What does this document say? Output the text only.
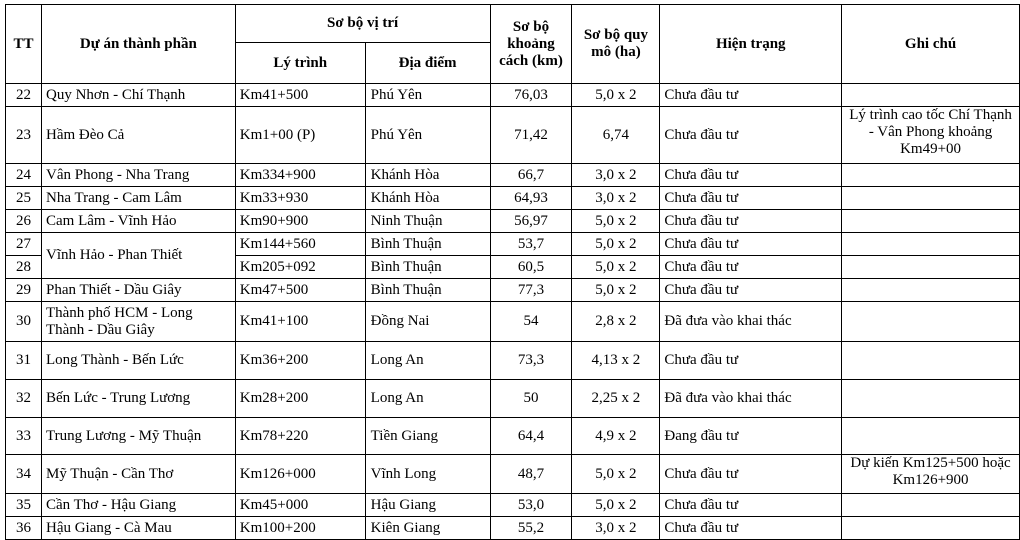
TT	Dự án thành phần	Sơ bộ vị trí		Sơ bộ khoảng cách (km)	Sơ bộ quy mô (ha)	Hiện trạng	Ghi chú
		Lý trình	Địa điểm				
22	Quy Nhơn - Chí Thạnh	Km41+500	Phú Yên	76,03	5,0 x 2	Chưa đầu tư	
23	Hầm Đèo Cả	Km1+00 (P)	Phú Yên	71,42	6,74	Chưa đầu tư	Lý trình cao tốc Chí Thạnh - Vân Phong khoảng Km49+00
24	Vân Phong - Nha Trang	Km334+900	Khánh Hòa	66,7	3,0 x 2	Chưa đầu tư	
25	Nha Trang - Cam Lâm	Km33+930	Khánh Hòa	64,93	3,0 x 2	Chưa đầu tư	
26	Cam Lâm - Vĩnh Hảo	Km90+900	Ninh Thuận	56,97	5,0 x 2	Chưa đầu tư	
27	Vĩnh Hảo - Phan Thiết	Km144+560	Bình Thuận	53,7	5,0 x 2	Chưa đầu tư	
28		Km205+092	Bình Thuận	60,5	5,0 x 2	Chưa đầu tư	
29	Phan Thiết - Dầu Giây	Km47+500	Bình Thuận	77,3	5,0 x 2	Chưa đầu tư	
30	Thành phố HCM - Long Thành - Dầu Giây	Km41+100	Đồng Nai	54	2,8 x 2	Đã đưa vào khai thác	
31	Long Thành - Bến Lức	Km36+200	Long An	73,3	4,13 x 2	Chưa đầu tư	
32	Bến Lức - Trung Lương	Km28+200	Long An	50	2,25 x 2	Đã đưa vào khai thác	
33	Trung Lương - Mỹ Thuận	Km78+220	Tiền Giang	64,4	4,9 x 2	Đang đầu tư	
34	Mỹ Thuận - Cần Thơ	Km126+000	Vĩnh Long	48,7	5,0 x 2	Chưa đầu tư	Dự kiến Km125+500 hoặc Km126+900
35	Cần Thơ - Hậu Giang	Km45+000	Hậu Giang	53,0	5,0 x 2	Chưa đầu tư	
36	Hậu Giang - Cà Mau	Km100+200	Kiên Giang	55,2	3,0 x 2	Chưa đầu tư	
